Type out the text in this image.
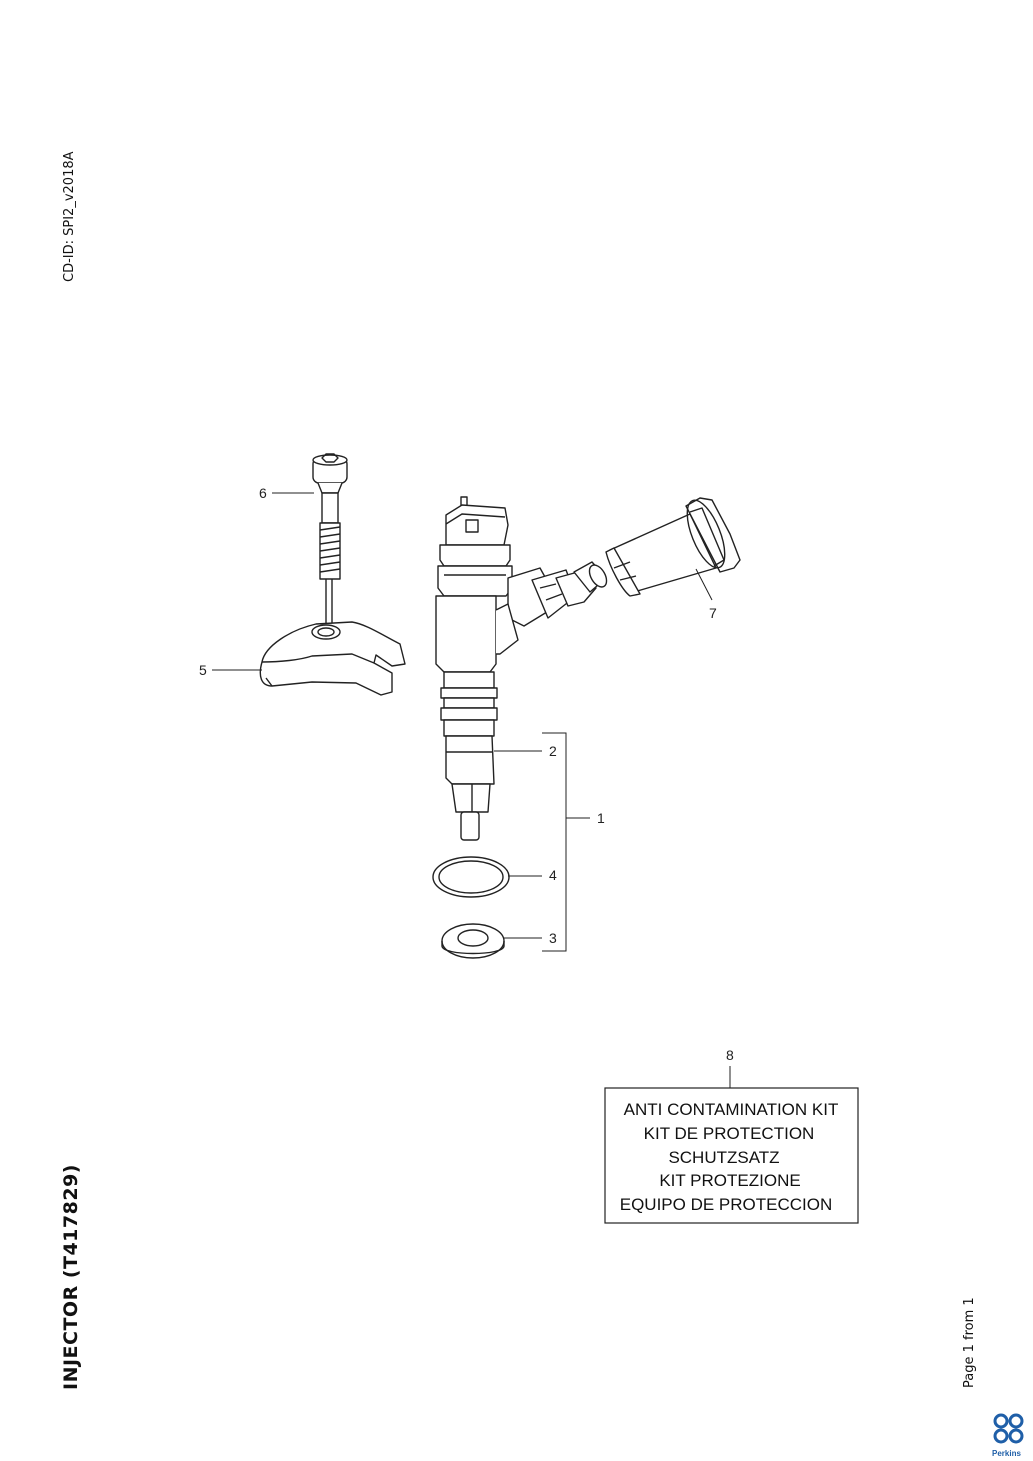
CD-ID: SPI2_v2018A
INJECTOR (T417829)	Page 1 from 1
1
2
3
4
5
6
7
8
ANTI CONTAMINATION KIT
KIT DE PROTECTION
SCHUTZSATZ
KIT PROTEZIONE
EQUIPO DE PROTECCION
Perkins
